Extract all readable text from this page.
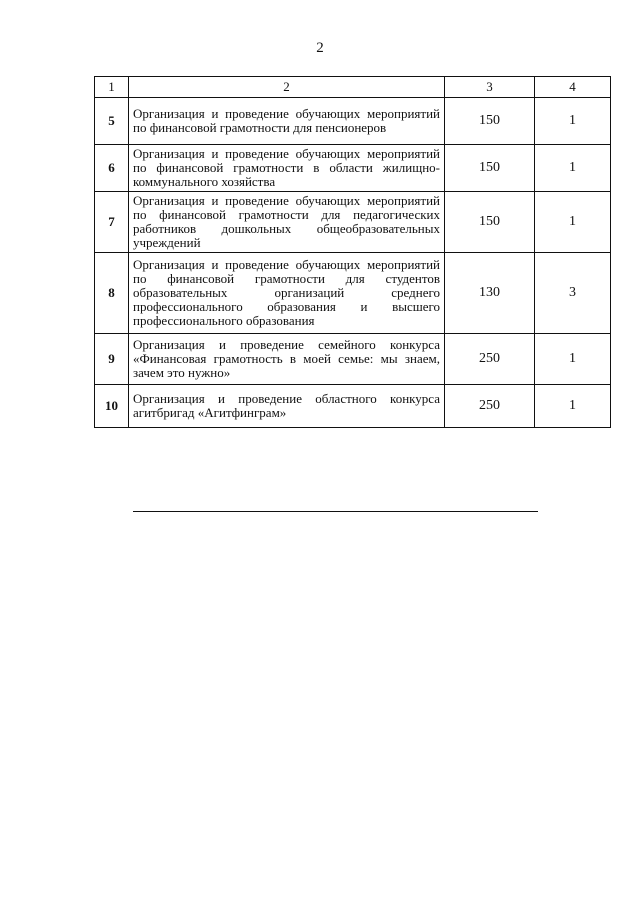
2
1	2	3	4
5	Организация и проведение обучающих мероприятий по финансовой грамотности для пенсионеров	150	1
6	Организация и проведение обучающих мероприятий по финансовой грамотности в области жилищно-коммунального хозяйства	150	1
7	Организация и проведение обучающих мероприятий по финансовой грамотности для педагогических работников дошкольных общеобразовательных учреждений	150	1
8	Организация и проведение обучающих мероприятий по финансовой грамотности для студентов образовательных организаций среднего профессионального образования и высшего профессионального образования	130	3
9	Организация и проведение семейного конкурса «Финансовая грамотность в моей семье: мы знаем, зачем это нужно»	250	1
10	Организация и проведение областного конкурса агитбригад «Агитфинграм»	250	1
